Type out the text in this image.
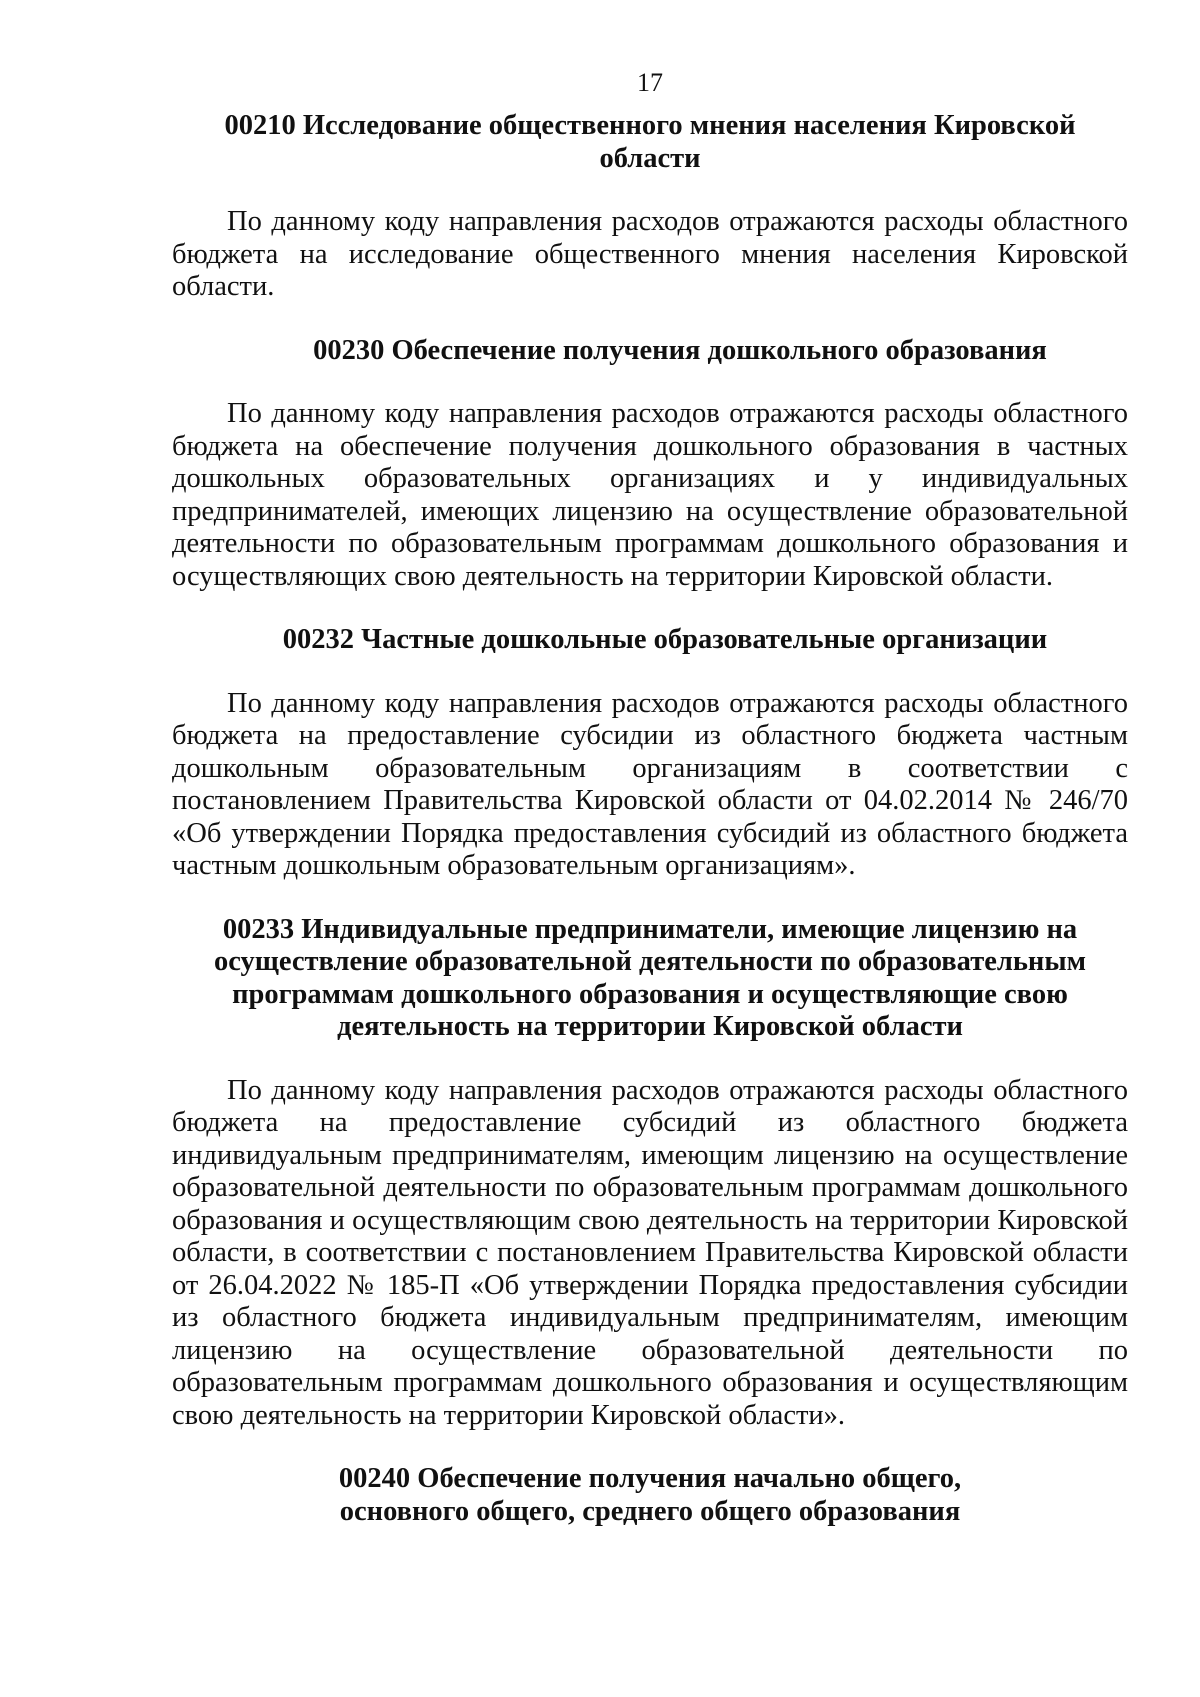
17
00210 Исследование общественного мнения населения Кировской области

По данному коду направления расходов отражаются расходы областного бюджета на исследование общественного мнения населения Кировской области.

00230 Обеспечение получения дошкольного образования

По данному коду направления расходов отражаются расходы областного бюджета на обеспечение получения дошкольного образования в частных дошкольных образовательных организациях и у индивидуальных предпринимателей, имеющих лицензию на осуществление образовательной деятельности по образовательным программам дошкольного образования и осуществляющих свою деятельность на территории Кировской области.

00232 Частные дошкольные образовательные организации

По данному коду направления расходов отражаются расходы областного бюджета на предоставление субсидии из областного бюджета частным дошкольным образовательным организациям в соответствии с постановлением Правительства Кировской области от 04.02.2014 № 246/70 «Об утверждении Порядка предоставления субсидий из областного бюджета частным дошкольным образовательным организациям».

00233 Индивидуальные предприниматели, имеющие лицензию на осуществление образовательной деятельности по образовательным программам дошкольного образования и осуществляющие свою деятельность на территории Кировской области

По данному коду направления расходов отражаются расходы областного бюджета на предоставление субсидий из областного бюджета индивидуальным предпринимателям, имеющим лицензию на осуществление образовательной деятельности по образовательным программам дошкольного образования и осуществляющим свою деятельность на территории Кировской области, в соответствии с постановлением Правительства Кировской области от 26.04.2022 № 185-П «Об утверждении Порядка предоставления субсидии из областного бюджета индивидуальным предпринимателям, имеющим лицензию на осуществление образовательной деятельности по образовательным программам дошкольного образования и осуществляющим свою деятельность на территории Кировской области».

00240 Обеспечение получения начально общего, основного общего, среднего общего образования
